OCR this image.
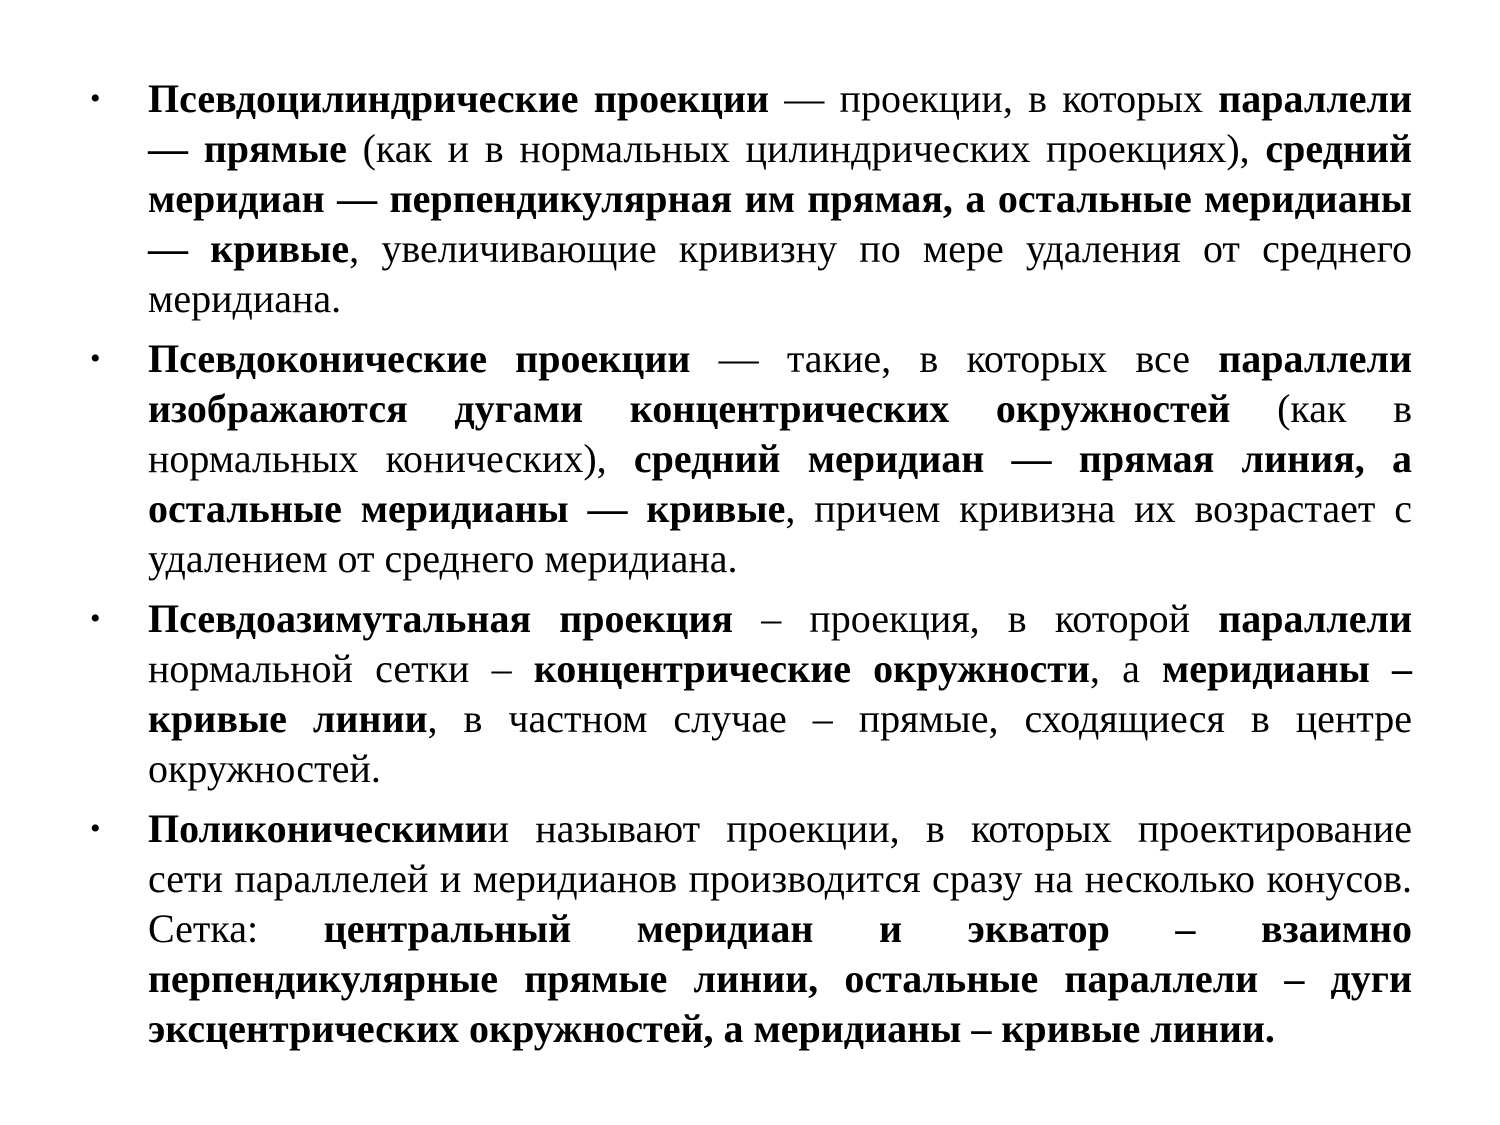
• Псевдоцилиндрические проекции — проекции, в которых параллели — прямые (как и в нормальных цилиндрических проекциях), средний меридиан — перпендикулярная им прямая, а остальные меридианы — кривые, увеличивающие кривизну по мере удаления от среднего меридиана.
• Псевдоконические проекции — такие, в которых все параллели изображаются дугами концентрических окружностей (как в нормальных конических), средний меридиан — прямая линия, а остальные меридианы — кривые, причем кривизна их возрастает с удалением от среднего меридиана.
• Псевдоазимутальная проекция – проекция, в которой параллели нормальной сетки – концентрические окружности, а меридианы – кривые линии, в частном случае – прямые, сходящиеся в центре окружностей.
• Поликоническимии называют проекции, в которых проектирование сети параллелей и меридианов производится сразу на несколько конусов. Сетка: центральный меридиан и экватор – взаимно перпендикулярные прямые линии, остальные параллели – дуги эксцентрических окружностей, а меридианы – кривые линии.
